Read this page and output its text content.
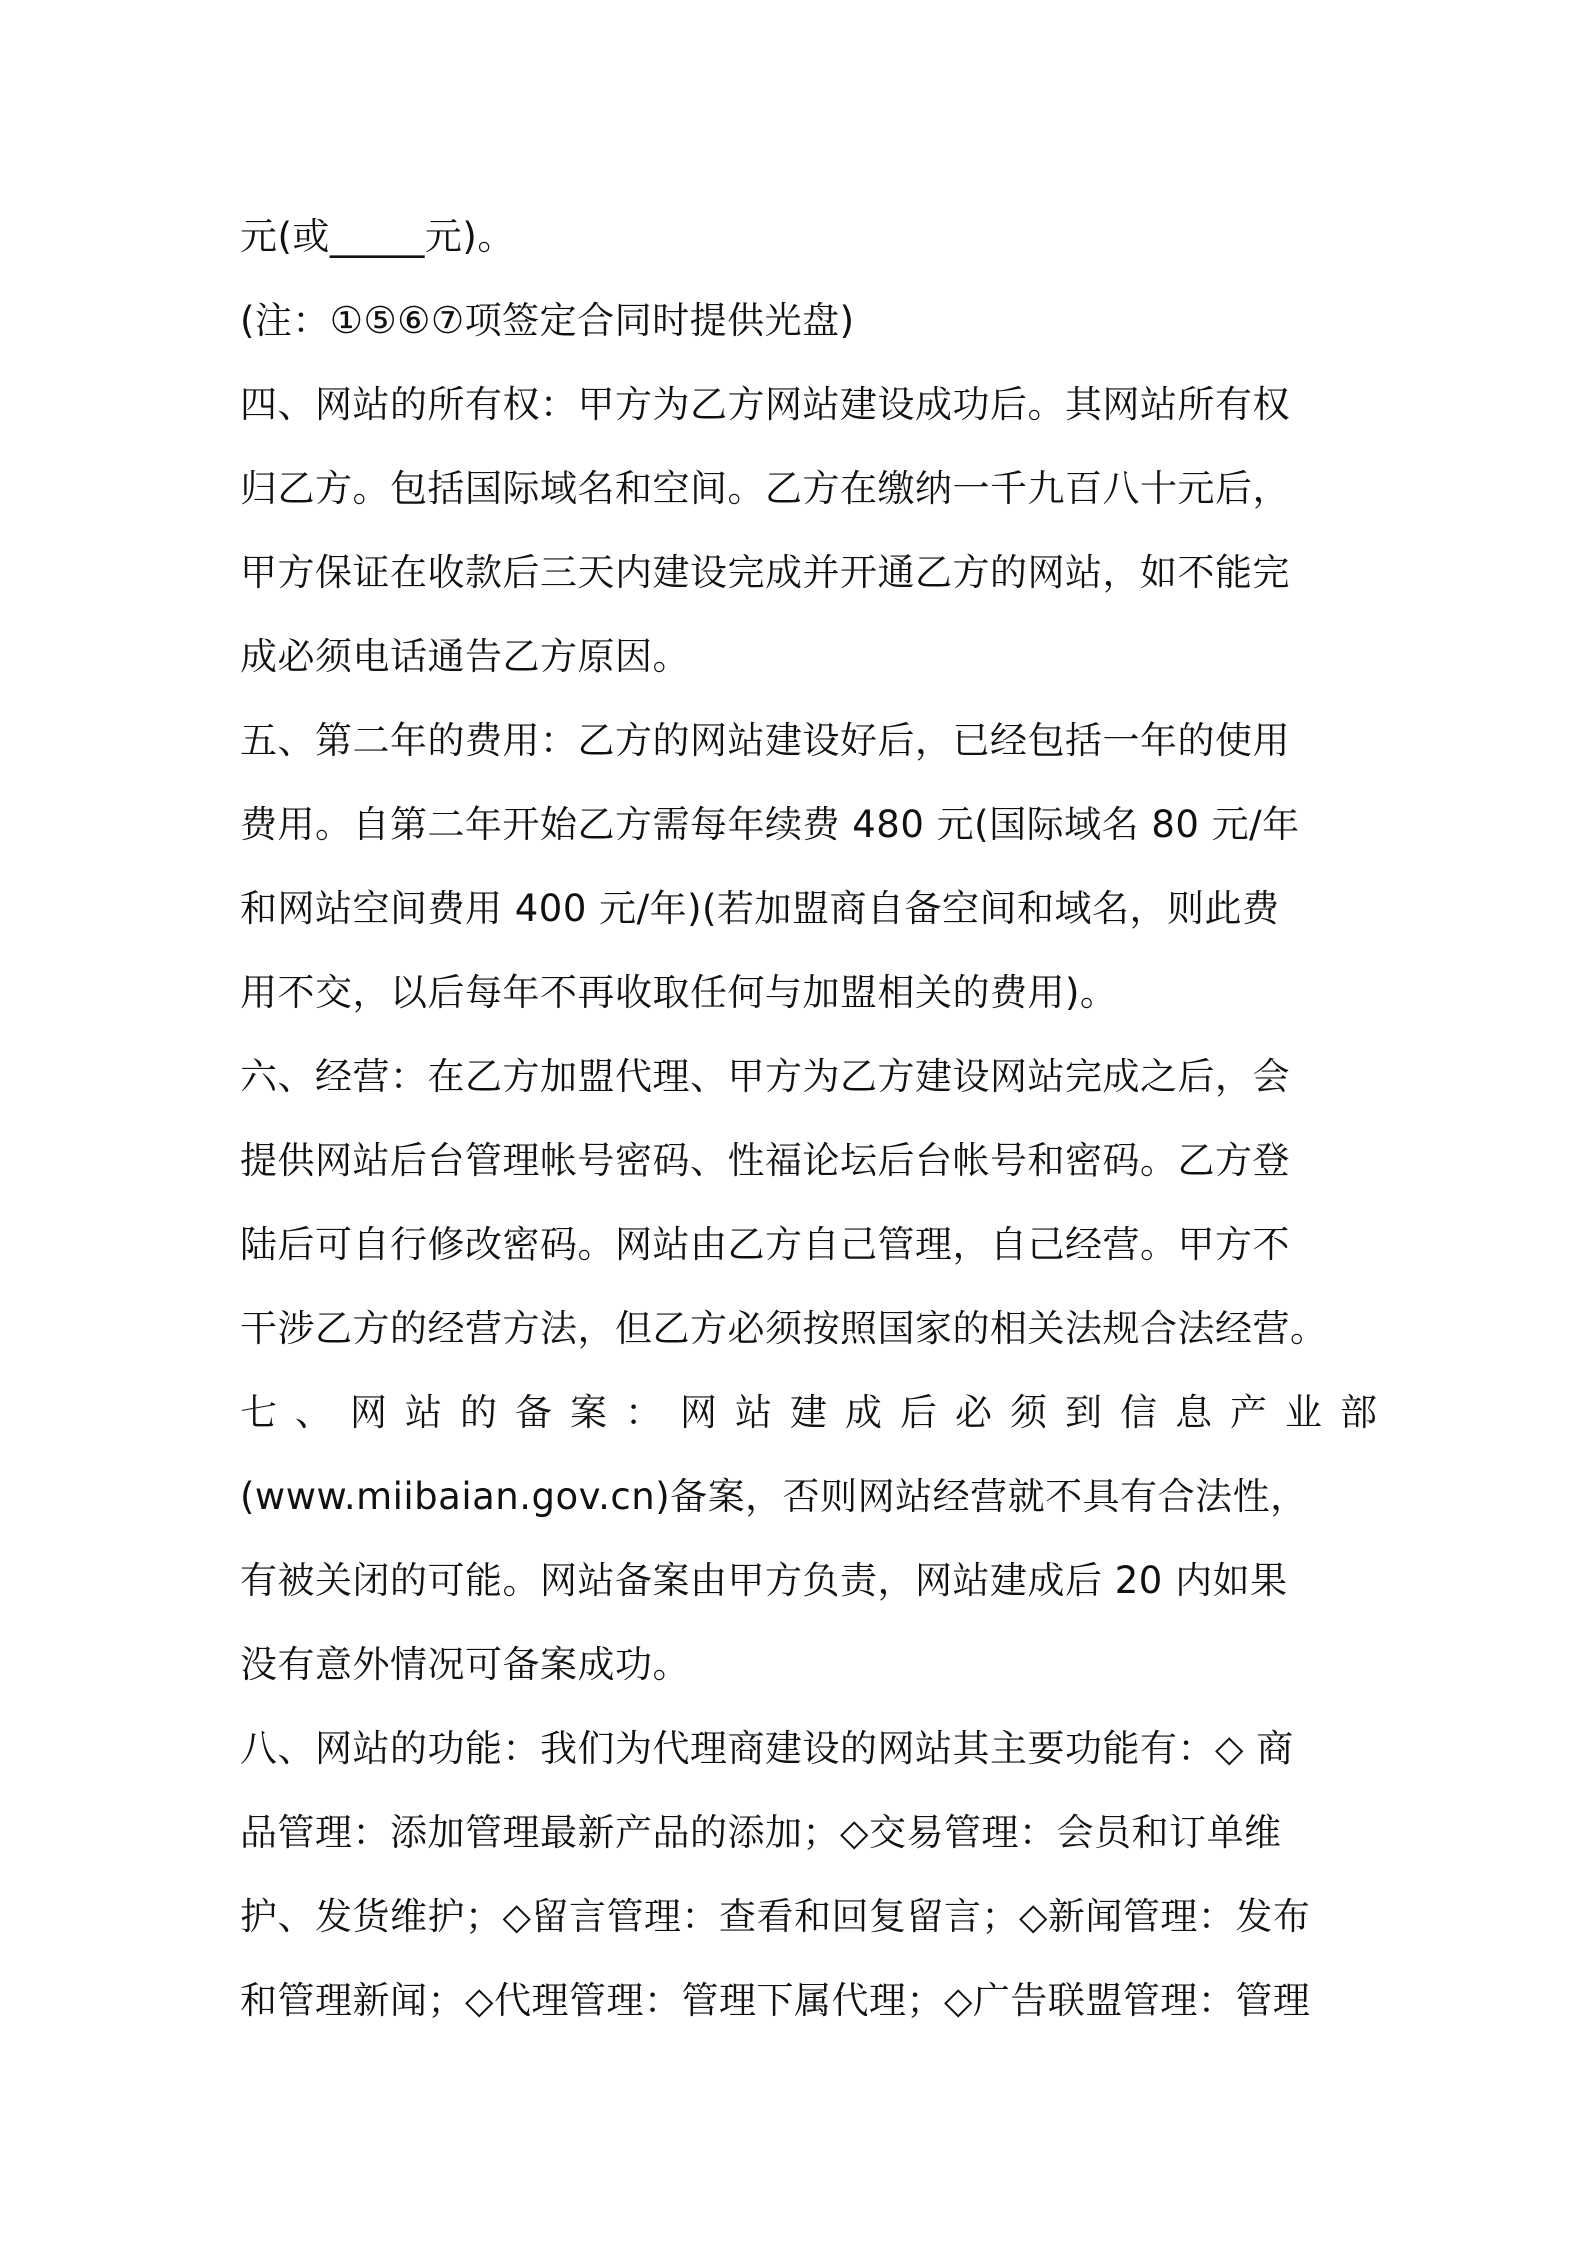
元(或_____元)。
(注：①⑤⑥⑦项签定合同时提供光盘)
四、网站的所有权：甲方为乙方网站建设成功后。其网站所有权
归乙方。包括国际域名和空间。乙方在缴纳一千九百八十元后，
甲方保证在收款后三天内建设完成并开通乙方的网站，如不能完
成必须电话通告乙方原因。
五、第二年的费用：乙方的网站建设好后，已经包括一年的使用
费用。自第二年开始乙方需每年续费 480 元(国际域名 80 元/年
和网站空间费用 400 元/年)(若加盟商自备空间和域名，则此费
用不交，以后每年不再收取任何与加盟相关的费用)。
六、经营：在乙方加盟代理、甲方为乙方建设网站完成之后，会
提供网站后台管理帐号密码、性福论坛后台帐号和密码。乙方登
陆后可自行修改密码。网站由乙方自己管理，自己经营。甲方不
干涉乙方的经营方法，但乙方必须按照国家的相关法规合法经营。
七、网站的备案：网站建成后必须到信息产业部
(www.miibaian.gov.cn)备案，否则网站经营就不具有合法性，
有被关闭的可能。网站备案由甲方负责，网站建成后 20 内如果
没有意外情况可备案成功。
八、网站的功能：我们为代理商建设的网站其主要功能有：◇ 商
品管理：添加管理最新产品的添加；◇交易管理：会员和订单维
护、发货维护；◇留言管理：查看和回复留言；◇新闻管理：发布
和管理新闻；◇代理管理：管理下属代理；◇广告联盟管理：管理
